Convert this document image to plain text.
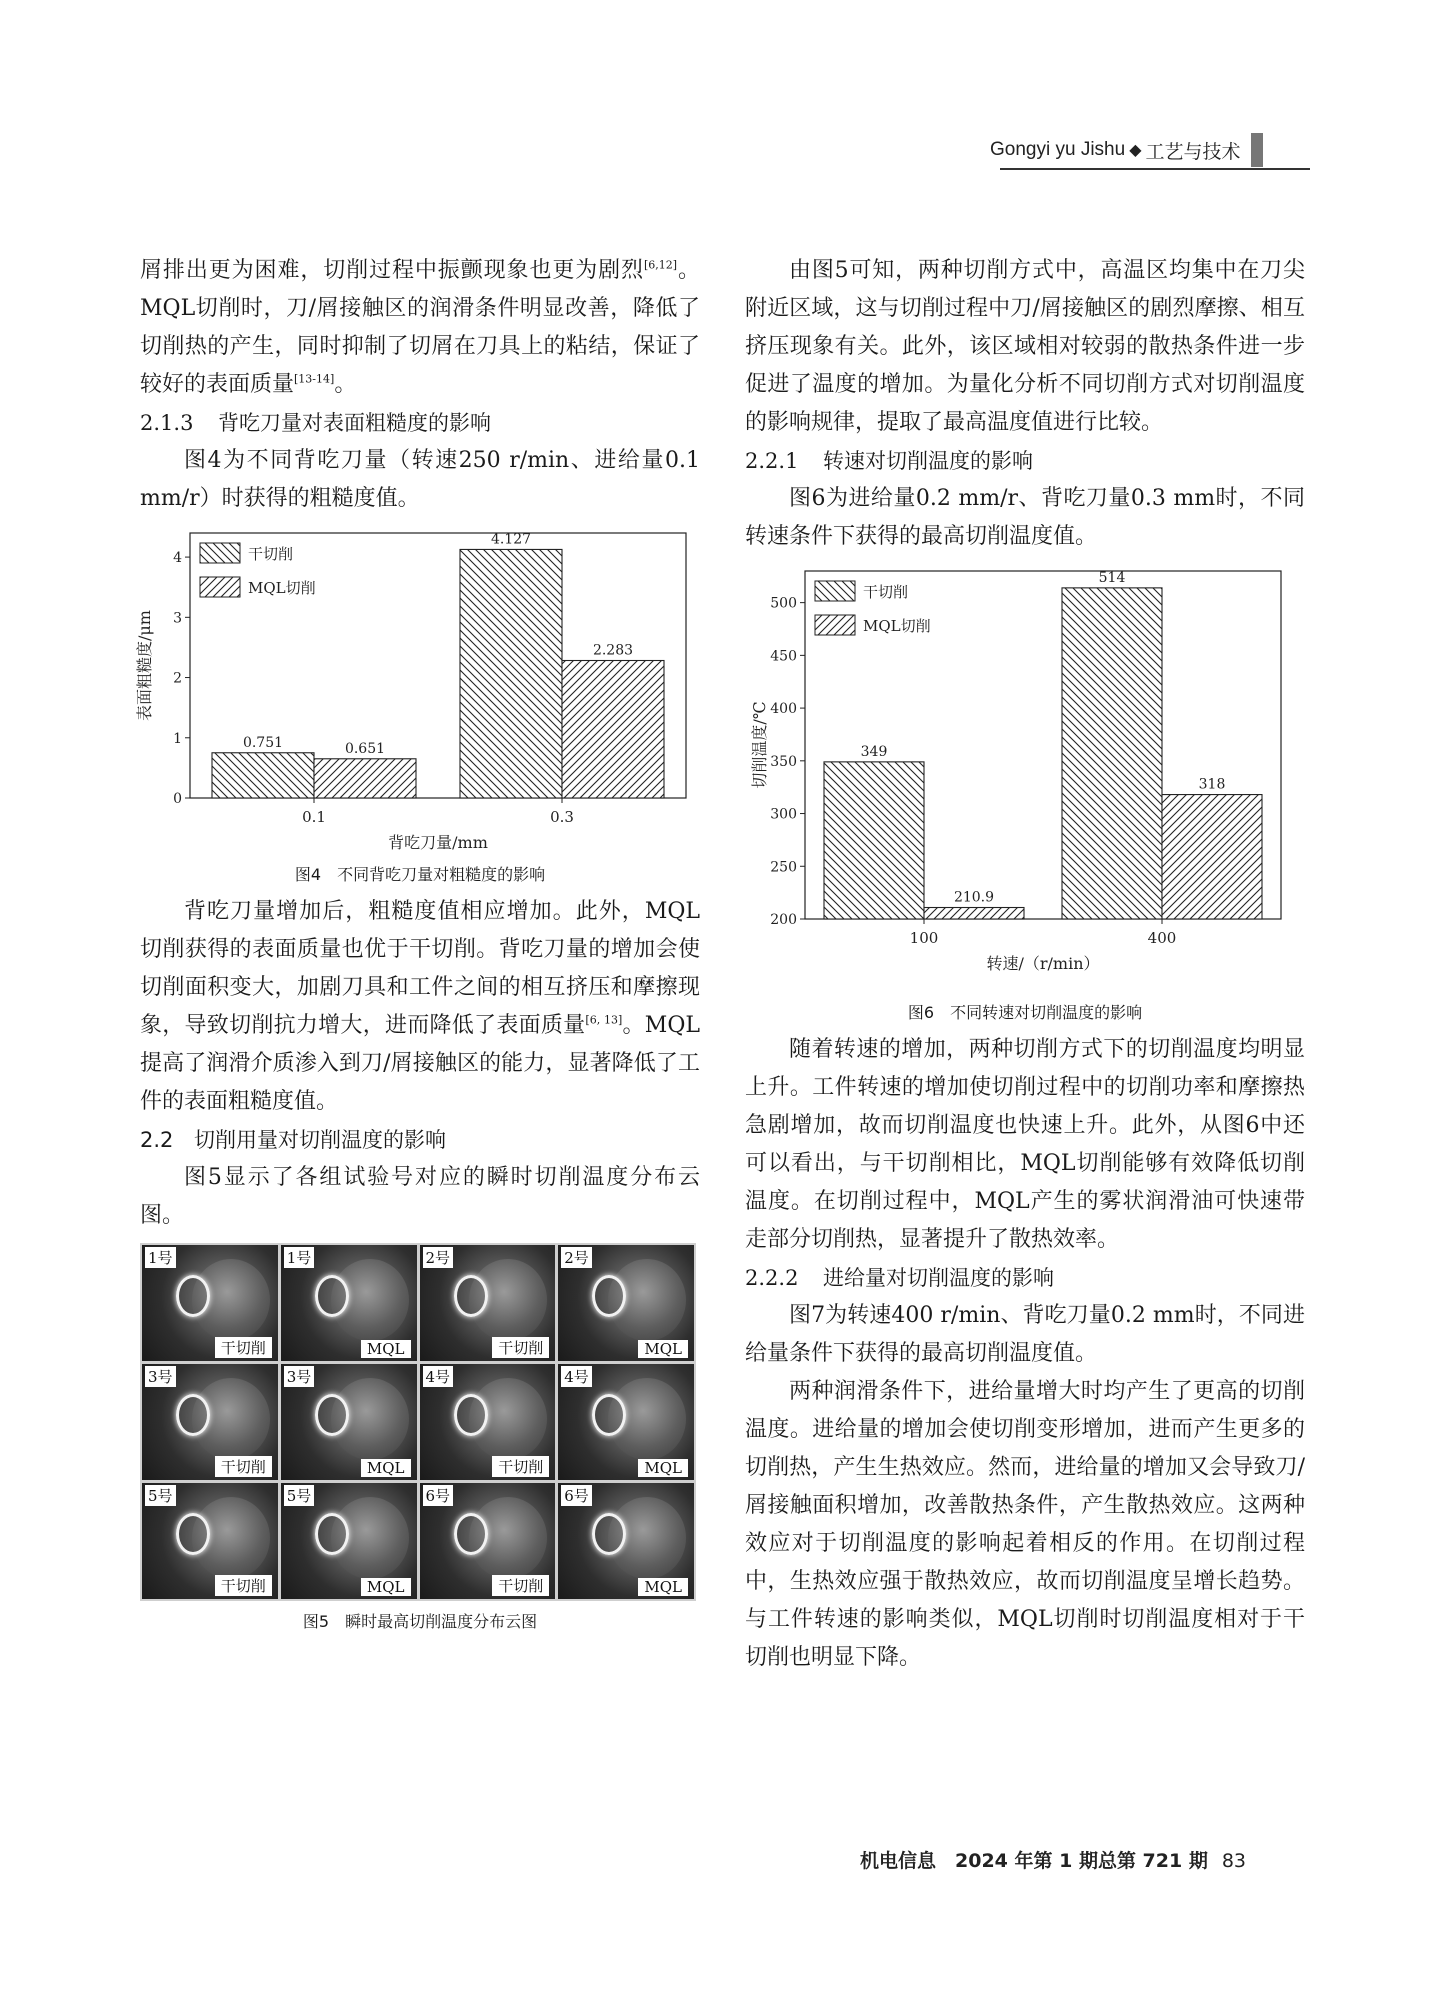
Gongyi yu Jishu ◆ 工艺与技术

屑排出更为困难，切削过程中振颤现象也更为剧烈[6,12]。MQL切削时，刀/屑接触区的润滑条件明显改善，降低了切削热的产生，同时抑制了切屑在刀具上的粘结，保证了较好的表面质量[13-14]。

2.1.3 背吃刀量对表面粗糙度的影响

图4为不同背吃刀量（转速250 r/min、进给量0.1 mm/r）时获得的粗糙度值。

0
1
2
3
4
0.1
0.751	0.651
0.3
4.127
2.283
干切削
MQL切削
背吃刀量/mm
表面粗糙度/μm
图4　不同背吃刀量对粗糙度的影响

背吃刀量增加后，粗糙度值相应增加。此外，MQL切削获得的表面质量也优于干切削。背吃刀量的增加会使切削面积变大，加剧刀具和工件之间的相互挤压和摩擦现象，导致切削抗力增大，进而降低了表面质量[6, 13]。MQL提高了润滑介质渗入到刀/屑接触区的能力，显著降低了工件的表面粗糙度值。

2.2 切削用量对切削温度的影响

图5显示了各组试验号对应的瞬时切削温度分布云图。

1号
干切削
1号
MQL
2号
干切削
2号
MQL
3号
干切削
3号
MQL
4号
干切削
4号
MQL
5号
干切削
5号
MQL
6号
干切削
6号
MQL
图5　瞬时最高切削温度分布云图

由图5可知，两种切削方式中，高温区均集中在刀尖附近区域，这与切削过程中刀/屑接触区的剧烈摩擦、相互挤压现象有关。此外，该区域相对较弱的散热条件进一步促进了温度的增加。为量化分析不同切削方式对切削温度的影响规律，提取了最高温度值进行比较。

2.2.1 转速对切削温度的影响

图6为进给量0.2 mm/r、背吃刀量0.3 mm时，不同转速条件下获得的最高切削温度值。

200
250
300
350
400
450
500
100
349
210.9
400
514
318
干切削
MQL切削
转速/（r/min）
切削温度/℃
图6　不同转速对切削温度的影响

随着转速的增加，两种切削方式下的切削温度均明显上升。工件转速的增加使切削过程中的切削功率和摩擦热急剧增加，故而切削温度也快速上升。此外，从图6中还可以看出，与干切削相比，MQL切削能够有效降低切削温度。在切削过程中，MQL产生的雾状润滑油可快速带走部分切削热，显著提升了散热效率。

2.2.2 进给量对切削温度的影响

图7为转速400 r/min、背吃刀量0.2 mm时，不同进给量条件下获得的最高切削温度值。

两种润滑条件下，进给量增大时均产生了更高的切削温度。进给量的增加会使切削变形增加，进而产生更多的切削热，产生生热效应。然而，进给量的增加又会导致刀/屑接触面积增加，改善散热条件，产生散热效应。这两种效应对于切削温度的影响起着相反的作用。在切削过程中，生热效应强于散热效应，故而切削温度呈增长趋势。与工件转速的影响类似，MQL切削时切削温度相对于干切削也明显下降。

机电信息　2024 年第 1 期总第 721 期 83
